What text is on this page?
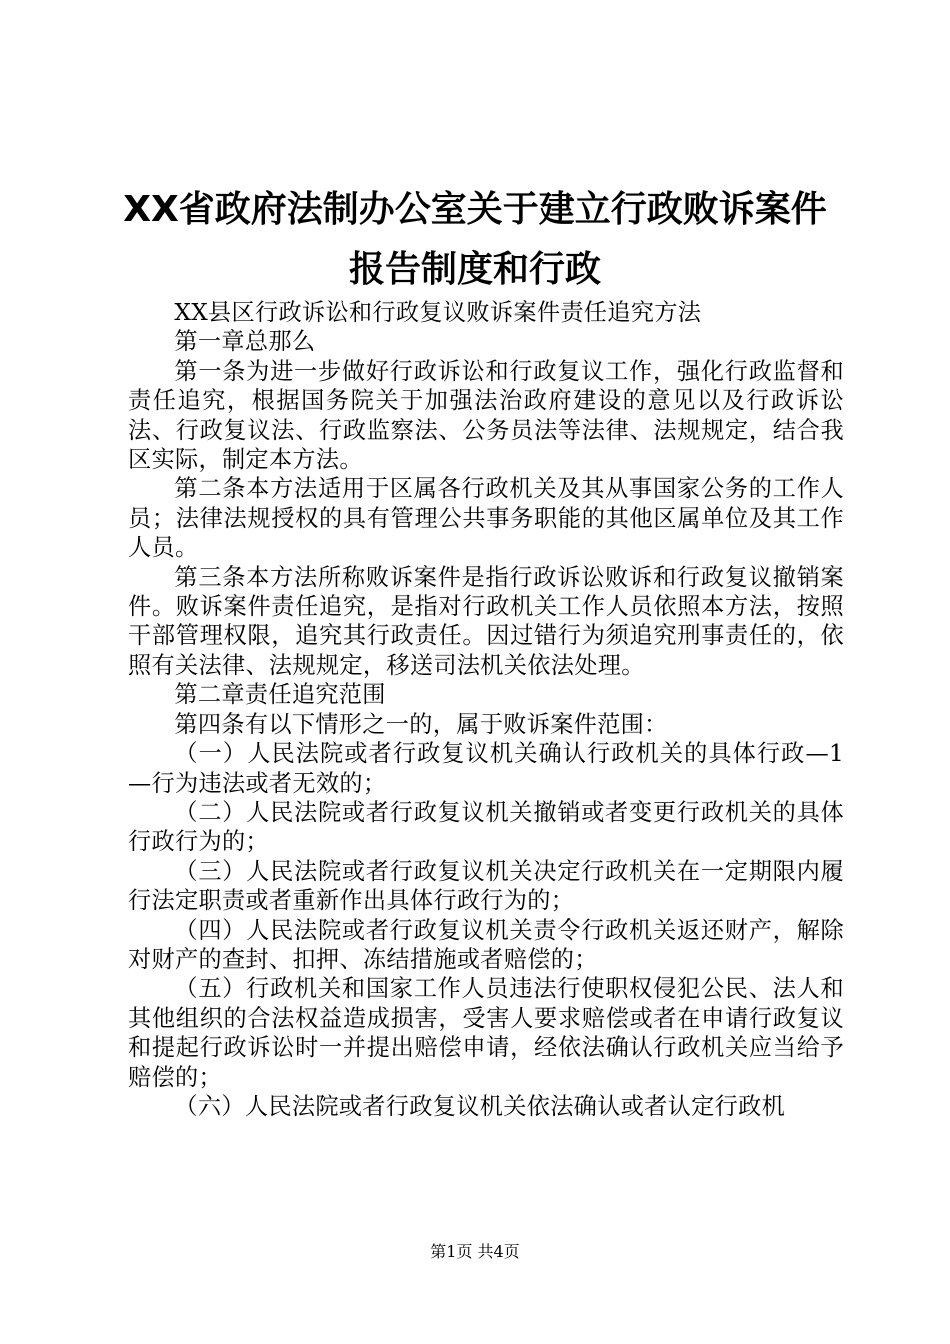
XX省政府法制办公室关于建立行政败诉案件
报告制度和行政

XX县区行政诉讼和行政复议败诉案件责任追究方法

第一章总那么

第一条为进一步做好行政诉讼和行政复议工作，强化行政监督和责任追究，根据国务院关于加强法治政府建设的意见以及行政诉讼法、行政复议法、行政监察法、公务员法等法律、法规规定，结合我区实际，制定本方法。

第二条本方法适用于区属各行政机关及其从事国家公务的工作人员；法律法规授权的具有管理公共事务职能的其他区属单位及其工作人员。

第三条本方法所称败诉案件是指行政诉讼败诉和行政复议撤销案件。败诉案件责任追究，是指对行政机关工作人员依照本方法，按照干部管理权限，追究其行政责任。因过错行为须追究刑事责任的，依照有关法律、法规规定，移送司法机关依法处理。

第二章责任追究范围

第四条有以下情形之一的，属于败诉案件范围：

（一）人民法院或者行政复议机关确认行政机关的具体行政—1—行为违法或者无效的；

（二）人民法院或者行政复议机关撤销或者变更行政机关的具体行政行为的；

（三）人民法院或者行政复议机关决定行政机关在一定期限内履行法定职责或者重新作出具体行政行为的；

（四）人民法院或者行政复议机关责令行政机关返还财产，解除对财产的查封、扣押、冻结措施或者赔偿的；

（五）行政机关和国家工作人员违法行使职权侵犯公民、法人和其他组织的合法权益造成损害，受害人要求赔偿或者在申请行政复议和提起行政诉讼时一并提出赔偿申请，经依法确认行政机关应当给予赔偿的；

（六）人民法院或者行政复议机关依法确认或者认定行政机

第1页 共4页
